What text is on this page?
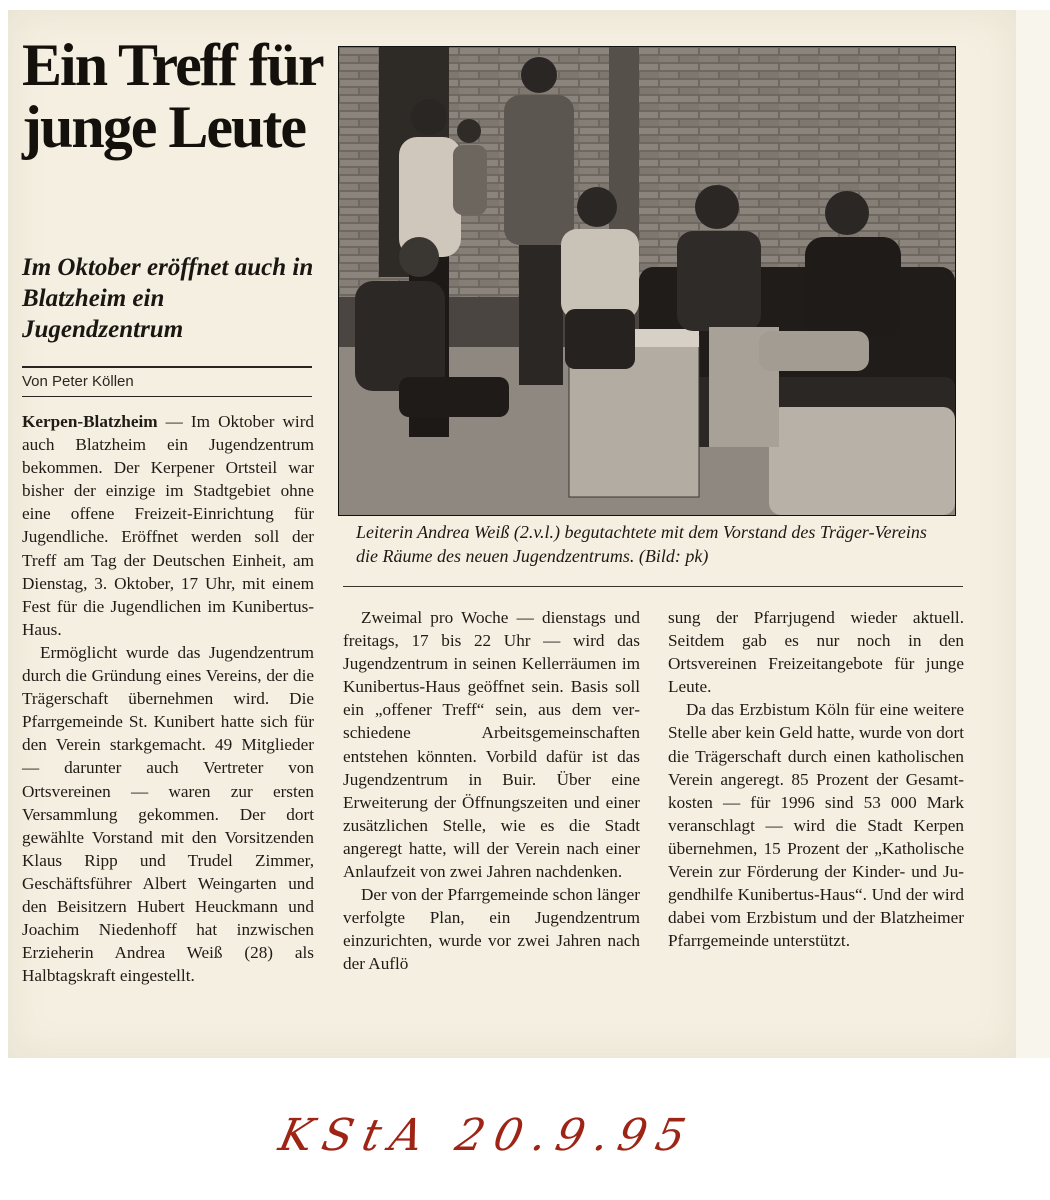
Ein Treff für junge Leute
Im Oktober eröffnet auch in Blatzheim ein Jugendzentrum
Von Peter Köllen

Kerpen-Blatzheim — Im Oktober wird auch Blatzheim ein Jugendzentrum bekommen. Der Kerpener Ortsteil war bisher der einzige im Stadtgebiet ohne eine offene Freizeit-Einrichtung für Jugendliche. Eröffnet werden soll der Treff am Tag der Deutschen Einheit, am Dienstag, 3. Oktober, 17 Uhr, mit einem Fest für die Jugendlichen im Kunibertus-Haus.

Ermöglicht wurde das Jugendzentrum durch die Gründung eines Vereins, der die Trägerschaft übernehmen wird. Die Pfarrgemeinde St. Kunibert hatte sich für den Verein starkgemacht. 49 Mitglieder — darunter auch Vertreter von Ortsvereinen — waren zur ersten Versammlung gekommen. Der dort gewählte Vorstand mit den Vorsitzenden Klaus Ripp und Trudel Zimmer, Geschäftsführer Albert Weingarten und den Beisitzern Hubert Heuckmann und Joachim Niedenhoff hat inzwischen Erzieherin Andrea Weiß (28) als Halbtagskraft eingestellt.

Leiterin Andrea Weiß (2.v.l.) begutachtete mit dem Vorstand des Träger-Vereins die Räume des neuen Jugendzentrums. (Bild: pk)

Zweimal pro Woche — dienstags und freitags, 17 bis 22 Uhr — wird das Jugendzentrum in seinen Kellerräumen im Kunibertus-Haus geöffnet sein. Basis soll ein „offener Treff“ sein, aus dem verschiedene Arbeitsgemeinschaften entstehen könnten. Vorbild dafür ist das Jugendzentrum in Buir. Über eine Erweiterung der Öffnungszeiten und einer zusätzlichen Stelle, wie es die Stadt angeregt hatte, will der Verein nach einer Anlaufzeit von zwei Jahren nachdenken.

Der von der Pfarrgemeinde schon länger verfolgte Plan, ein Jugendzentrum einzurichten, wurde vor zwei Jahren nach der Auflö

sung der Pfarrjugend wieder aktuell. Seitdem gab es nur noch in den Ortsvereinen Freizeitangebote für junge Leute.

Da das Erzbistum Köln für eine weitere Stelle aber kein Geld hatte, wurde von dort die Trägerschaft durch einen katholischen Verein angeregt. 85 Prozent der Gesamtkosten — für 1996 sind 53 000 Mark veranschlagt — wird die Stadt Kerpen übernehmen, 15 Prozent der „Katholische Verein zur Förderung der Kinder- und Jugendhilfe Kunibertus-Haus“. Und der wird dabei vom Erzbistum und der Blatzheimer Pfarrgemeinde unterstützt.

KStA 20.9.95
